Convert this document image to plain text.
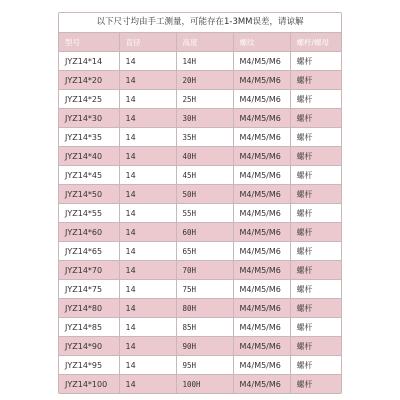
以下尺寸均由手工测量，可能存在1-3MM误差，请谅解
型号	直径	高度	螺纹	螺杆/螺母
JYZ14*14	14	14H	M4/M5/M6	螺杆
JYZ14*20	14	20H	M4/M5/M6	螺杆
JYZ14*25	14	25H	M4/M5/M6	螺杆
JYZ14*30	14	30H	M4/M5/M6	螺杆
JYZ14*35	14	35H	M4/M5/M6	螺杆
JYZ14*40	14	40H	M4/M5/M6	螺杆
JYZ14*45	14	45H	M4/M5/M6	螺杆
JYZ14*50	14	50H	M4/M5/M6	螺杆
JYZ14*55	14	55H	M4/M5/M6	螺杆
JYZ14*60	14	60H	M4/M5/M6	螺杆
JYZ14*65	14	65H	M4/M5/M6	螺杆
JYZ14*70	14	70H	M4/M5/M6	螺杆
JYZ14*75	14	75H	M4/M5/M6	螺杆
JYZ14*80	14	80H	M4/M5/M6	螺杆
JYZ14*85	14	85H	M4/M5/M6	螺杆
JYZ14*90	14	90H	M4/M5/M6	螺杆
JYZ14*95	14	95H	M4/M5/M6	螺杆
JYZ14*100	14	100H	M4/M5/M6	螺杆
